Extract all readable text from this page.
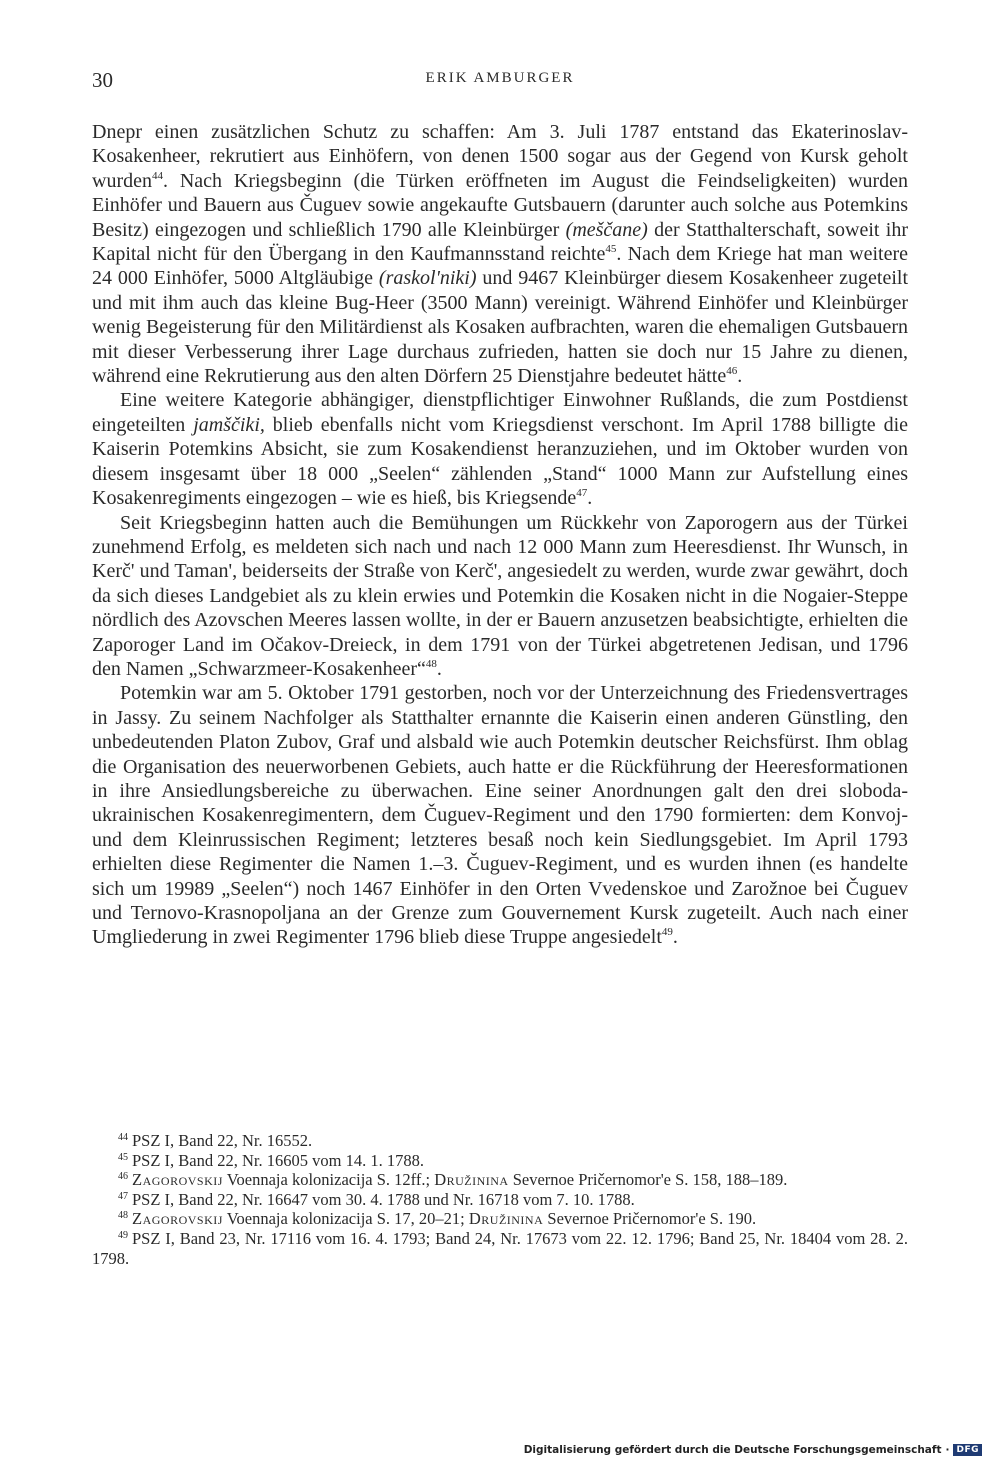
30	ERIK AMBURGER

Dnepr einen zusätzlichen Schutz zu schaffen: Am 3. Juli 1787 entstand das Ekaterinoslav-Kosakenheer, rekrutiert aus Einhöfern, von denen 1500 sogar aus der Gegend von Kursk geholt wurden$^{44}$. Nach Kriegsbeginn (die Türken eröffneten im August die Feindseligkeiten) wurden Einhöfer und Bauern aus Čuguev sowie angekaufte Gutsbauern (darunter auch solche aus Potemkins Besitz) eingezogen und schließlich 1790 alle Kleinbürger (meščane) der Statthalterschaft, soweit ihr Kapital nicht für den Übergang in den Kaufmannsstand reichte$^{45}$. Nach dem Kriege hat man weitere 24 000 Einhöfer, 5000 Altgläubige (raskol'niki) und 9467 Kleinbürger diesem Kosakenheer zugeteilt und mit ihm auch das kleine Bug-Heer (3500 Mann) vereinigt. Während Einhöfer und Kleinbürger wenig Begeisterung für den Militärdienst als Kosaken aufbrachten, waren die ehemaligen Gutsbauern mit dieser Verbesserung ihrer Lage durchaus zufrieden, hatten sie doch nur 15 Jahre zu dienen, während eine Rekrutierung aus den alten Dörfern 25 Dienstjahre bedeutet hätte$^{46}$.

Eine weitere Kategorie abhängiger, dienstpflichtiger Einwohner Rußlands, die zum Postdienst eingeteilten jamščiki, blieb ebenfalls nicht vom Kriegsdienst verschont. Im April 1788 billigte die Kaiserin Potemkins Absicht, sie zum Kosakendienst heranzuziehen, und im Oktober wurden von diesem insgesamt über 18 000 „Seelen“ zählenden „Stand“ 1000 Mann zur Aufstellung eines Kosakenregiments eingezogen – wie es hieß, bis Kriegsende$^{47}$.

Seit Kriegsbeginn hatten auch die Bemühungen um Rückkehr von Zaporogern aus der Türkei zunehmend Erfolg, es meldeten sich nach und nach 12 000 Mann zum Heeresdienst. Ihr Wunsch, in Kerč' und Taman', beiderseits der Straße von Kerč', angesiedelt zu werden, wurde zwar gewährt, doch da sich dieses Landgebiet als zu klein erwies und Potemkin die Kosaken nicht in die Nogaier-Steppe nördlich des Azovschen Meeres lassen wollte, in der er Bauern anzusetzen beabsichtigte, erhielten die Zaporoger Land im Očakov-Dreieck, in dem 1791 von der Türkei abgetretenen Jedisan, und 1796 den Namen „Schwarzmeer-Kosakenheer“$^{48}$.

Potemkin war am 5. Oktober 1791 gestorben, noch vor der Unterzeichnung des Friedensvertrages in Jassy. Zu seinem Nachfolger als Statthalter ernannte die Kaiserin einen anderen Günstling, den unbedeutenden Platon Zubov, Graf und alsbald wie auch Potemkin deutscher Reichsfürst. Ihm oblag die Organisation des neuerworbenen Gebiets, auch hatte er die Rückführung der Heeresformationen in ihre Ansiedlungsbereiche zu überwachen. Eine seiner Anordnungen galt den drei sloboda-ukrainischen Kosakenregimentern, dem Čuguev-Regiment und den 1790 formierten: dem Konvoj- und dem Kleinrussischen Regiment; letzteres besaß noch kein Siedlungsgebiet. Im April 1793 erhielten diese Regimenter die Namen 1.–3. Čuguev-Regiment, und es wurden ihnen (es handelte sich um 19989 „Seelen“) noch 1467 Einhöfer in den Orten Vvedenskoe und Zarožnoe bei Čuguev und Ternovo-Krasnopoljana an der Grenze zum Gouvernement Kursk zugeteilt. Auch nach einer Umgliederung in zwei Regimenter 1796 blieb diese Truppe angesiedelt$^{49}$.

$^{44}$ PSZ I, Band 22, Nr. 16552.

$^{45}$ PSZ I, Band 22, Nr. 16605 vom 14. 1. 1788.

$^{46}$ Zagorovskij Voennaja kolonizacija S. 12ff.; Družinina Severnoe Pričernomor'e S. 158, 188–189.

$^{47}$ PSZ I, Band 22, Nr. 16647 vom 30. 4. 1788 und Nr. 16718 vom 7. 10. 1788.

$^{48}$ Zagorovskij Voennaja kolonizacija S. 17, 20–21; Družinina Severnoe Pričernomor'e S. 190.

$^{49}$ PSZ I, Band 23, Nr. 17116 vom 16. 4. 1793; Band 24, Nr. 17673 vom 22. 12. 1796; Band 25, Nr. 18404 vom 28. 2. 1798.

Digitalisierung gefördert durch die Deutsche Forschungsgemeinschaft · DFG
